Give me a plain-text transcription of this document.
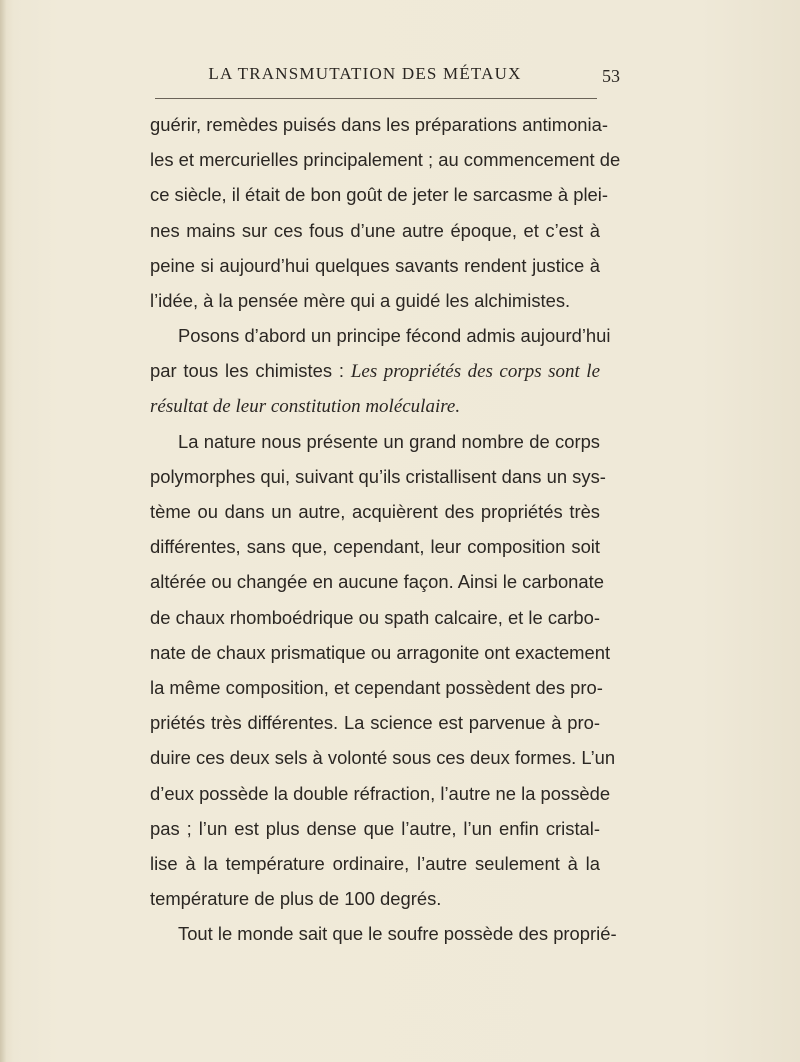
LA TRANSMUTATION DES MÉTAUX	53
guérir, remèdes puisés dans les préparations antimonia-
les et mercurielles principalement ; au commencement de
ce siècle, il était de bon goût de jeter le sarcasme à plei-
nes mains sur ces fous d’une autre époque, et c’est à
peine si aujourd’hui quelques savants rendent justice à
l’idée, à la pensée mère qui a guidé les alchimistes.
Posons d’abord un principe fécond admis aujourd’hui
par tous les chimistes : Les propriétés des corps sont le
résultat de leur constitution moléculaire.
La nature nous présente un grand nombre de corps
polymorphes qui, suivant qu’ils cristallisent dans un sys-
tème ou dans un autre, acquièrent des propriétés très
différentes, sans que, cependant, leur composition soit
altérée ou changée en aucune façon. Ainsi le carbonate
de chaux rhomboédrique ou spath calcaire, et le carbo-
nate de chaux prismatique ou arragonite ont exactement
la même composition, et cependant possèdent des pro-
priétés très différentes. La science est parvenue à pro-
duire ces deux sels à volonté sous ces deux formes. L’un
d’eux possède la double réfraction, l’autre ne la possède
pas ; l’un est plus dense que l’autre, l’un enfin cristal-
lise à la température ordinaire, l’autre seulement à la
température de plus de 100 degrés.
Tout le monde sait que le soufre possède des proprié-
